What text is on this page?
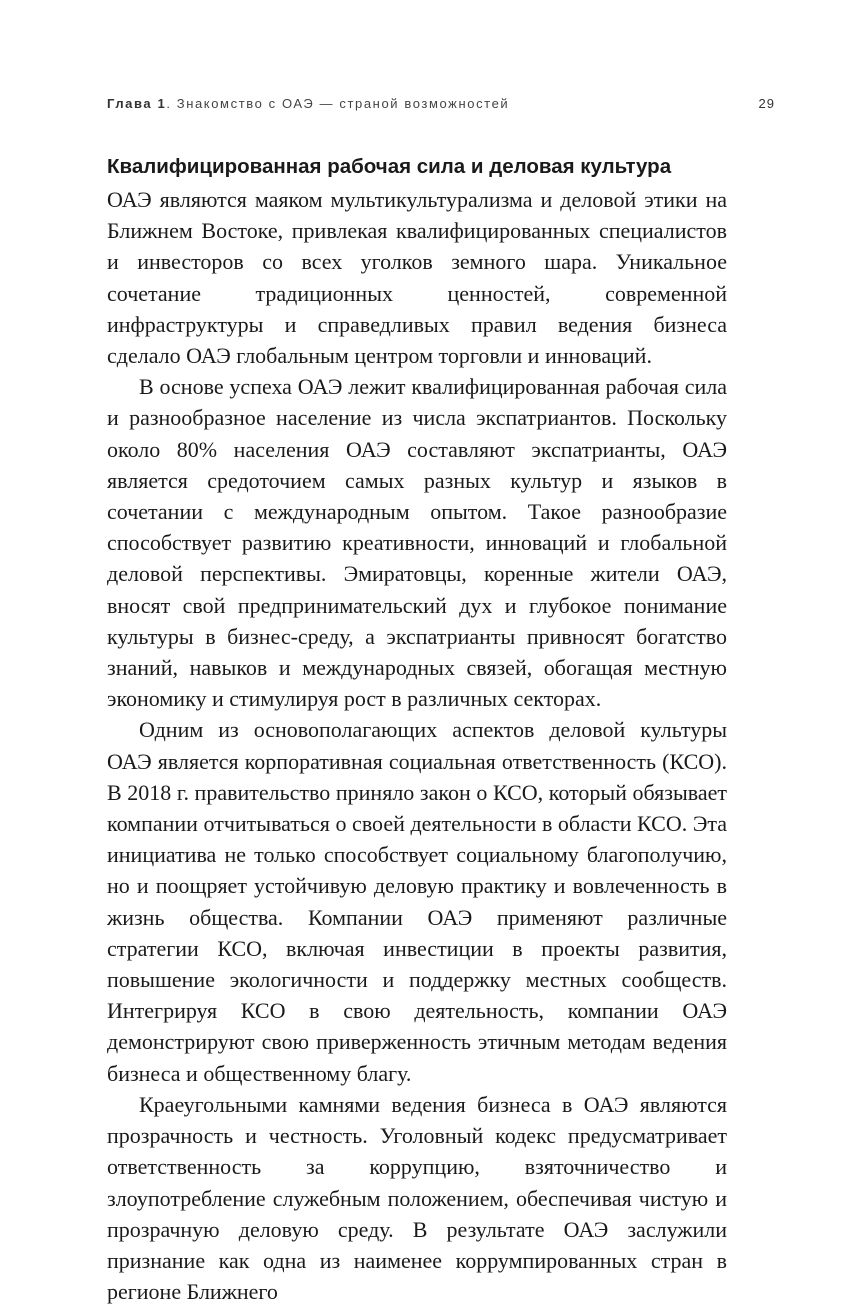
Глава 1. Знакомство с ОАЭ — страной возможностей	29
Квалифицированная рабочая сила и деловая культура

ОАЭ являются маяком мультикультурализма и деловой этики на Ближнем Востоке, привлекая квалифицированных специалистов и инвесторов со всех уголков земного шара. Уникальное сочетание традиционных ценностей, современной инфраструктуры и справедливых правил ведения бизнеса сделало ОАЭ глобальным центром торговли и инноваций.

В основе успеха ОАЭ лежит квалифицированная рабочая сила и разнообразное население из числа экспатриантов. Поскольку около 80% населения ОАЭ составляют экспатрианты, ОАЭ является средоточием самых разных культур и языков в сочетании с международным опытом. Такое разнообразие способствует развитию креативности, инноваций и глобальной деловой перспективы. Эмиратовцы, коренные жители ОАЭ, вносят свой предпринимательский дух и глубокое понимание культуры в бизнес-среду, а экспатрианты привносят богатство знаний, навыков и международных связей, обогащая местную экономику и стимулируя рост в различных секторах.

Одним из основополагающих аспектов деловой культуры ОАЭ является корпоративная социальная ответственность (КСО). В 2018 г. правительство приняло закон о КСО, который обязывает компании отчитываться о своей деятельности в области КСО. Эта инициатива не только способствует социальному благополучию, но и поощряет устойчивую деловую практику и вовлеченность в жизнь общества. Компании ОАЭ применяют различные стратегии КСО, включая инвестиции в проекты развития, повышение экологичности и поддержку местных сообществ. Интегрируя КСО в свою деятельность, компании ОАЭ демонстрируют свою приверженность этичным методам ведения бизнеса и общественному благу.

Краеугольными камнями ведения бизнеса в ОАЭ являются прозрачность и честность. Уголовный кодекс предусматривает ответственность за коррупцию, взяточничество и злоупотребление служебным положением, обеспечивая чистую и прозрачную деловую среду. В результате ОАЭ заслужили признание как одна из наименее коррумпированных стран в регионе Ближнего
